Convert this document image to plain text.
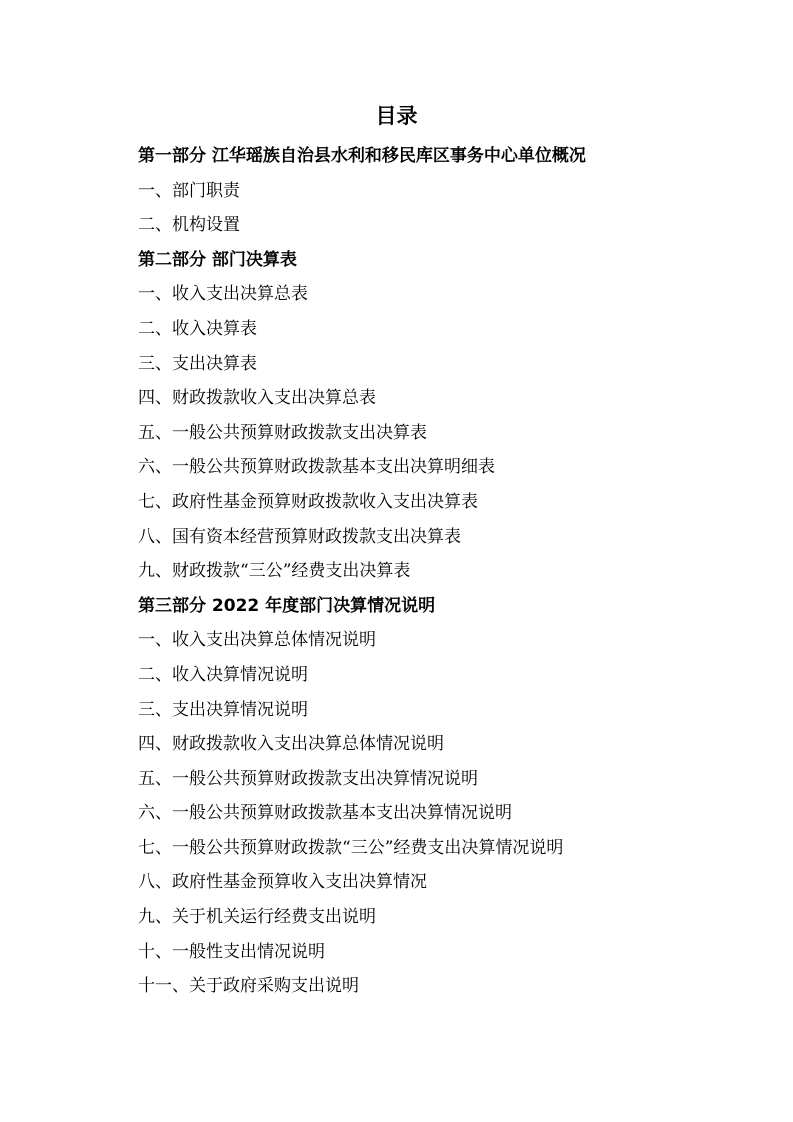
目录
第一部分 江华瑶族自治县水利和移民库区事务中心单位概况
一、部门职责
二、机构设置
第二部分 部门决算表
一、收入支出决算总表
二、收入决算表
三、支出决算表
四、财政拨款收入支出决算总表
五、一般公共预算财政拨款支出决算表
六、一般公共预算财政拨款基本支出决算明细表
七、政府性基金预算财政拨款收入支出决算表
八、国有资本经营预算财政拨款支出决算表
九、财政拨款“三公”经费支出决算表
第三部分 2022 年度部门决算情况说明
一、收入支出决算总体情况说明
二、收入决算情况说明
三、支出决算情况说明
四、财政拨款收入支出决算总体情况说明
五、一般公共预算财政拨款支出决算情况说明
六、一般公共预算财政拨款基本支出决算情况说明
七、一般公共预算财政拨款“三公”经费支出决算情况说明
八、政府性基金预算收入支出决算情况
九、关于机关运行经费支出说明
十、一般性支出情况说明
十一、关于政府采购支出说明
